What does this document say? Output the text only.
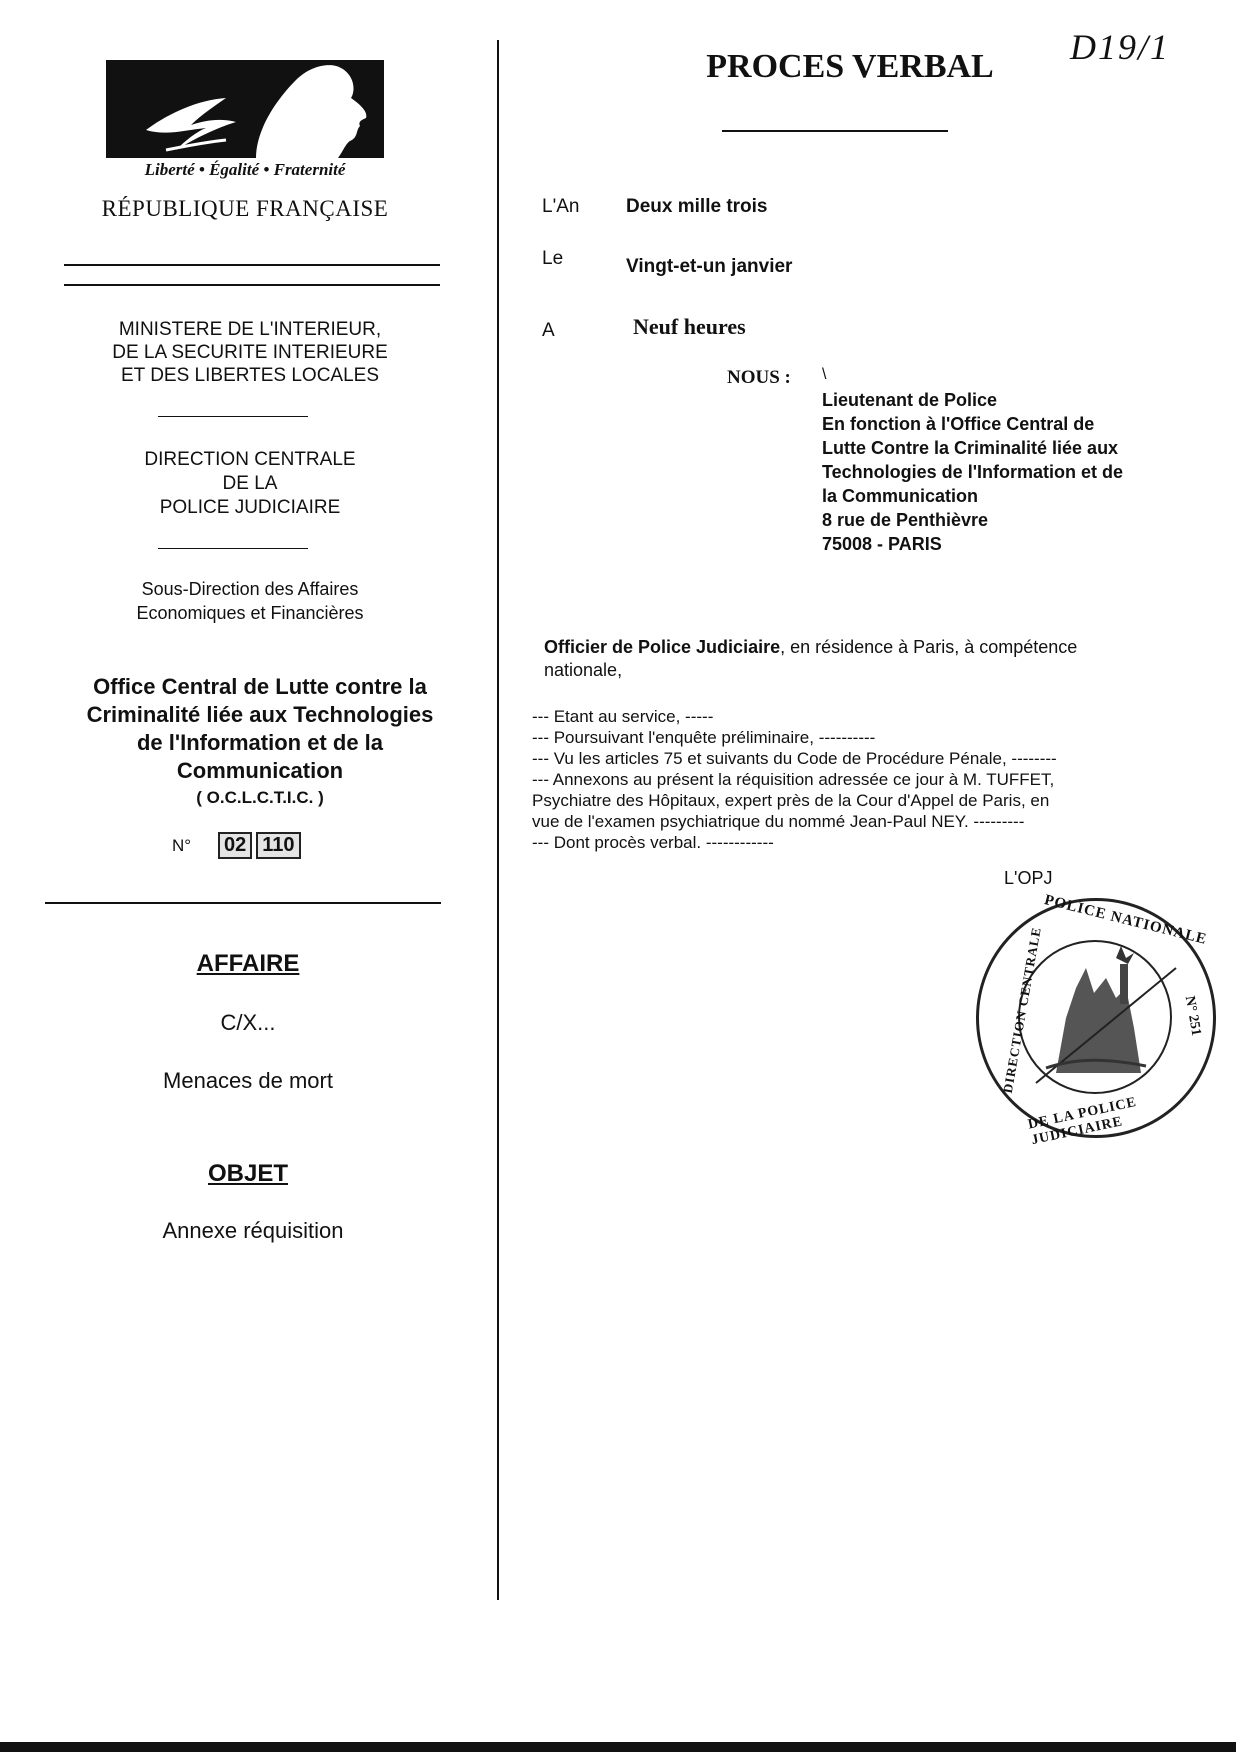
D19/1
Liberté • Égalité • Fraternité
RÉPUBLIQUE FRANÇAISE
MINISTERE DE L'INTERIEUR,
DE LA SECURITE INTERIEURE
ET DES LIBERTES LOCALES
DIRECTION CENTRALE
DE LA
POLICE JUDICIAIRE
Sous-Direction des Affaires
Economiques et Financières
Office Central de Lutte contre la
Criminalité liée aux Technologies
de l'Information et de la
Communication
( O.C.L.C.T.I.C. )
N°	02 110
AFFAIRE
C/X...
Menaces de mort
OBJET
Annexe réquisition
PROCES VERBAL
L'An Deux mille trois
Le	Vingt-et-un janvier
A	Neuf heures
NOUS : \
Lieutenant de Police
En fonction à l'Office Central de
Lutte Contre la Criminalité liée aux
Technologies de l'Information et de
la Communication
8 rue de Penthièvre
75008 - PARIS
Officier de Police Judiciaire, en résidence à Paris, à compétence
nationale,
--- Etant au service, -----
--- Poursuivant l'enquête préliminaire, ----------
--- Vu les articles 75 et suivants du Code de Procédure Pénale, --------
--- Annexons au présent la réquisition adressée ce jour à M. TUFFET,
Psychiatre des Hôpitaux, expert près de la Cour d'Appel de Paris, en
vue de l'examen psychiatrique du nommé Jean-Paul NEY. ---------
--- Dont procès verbal. ------------
L'OPJ
POLICE NATIONALE
DIRECTION CENTRALE
DE LA POLICE JUDICIAIRE
N° 251
